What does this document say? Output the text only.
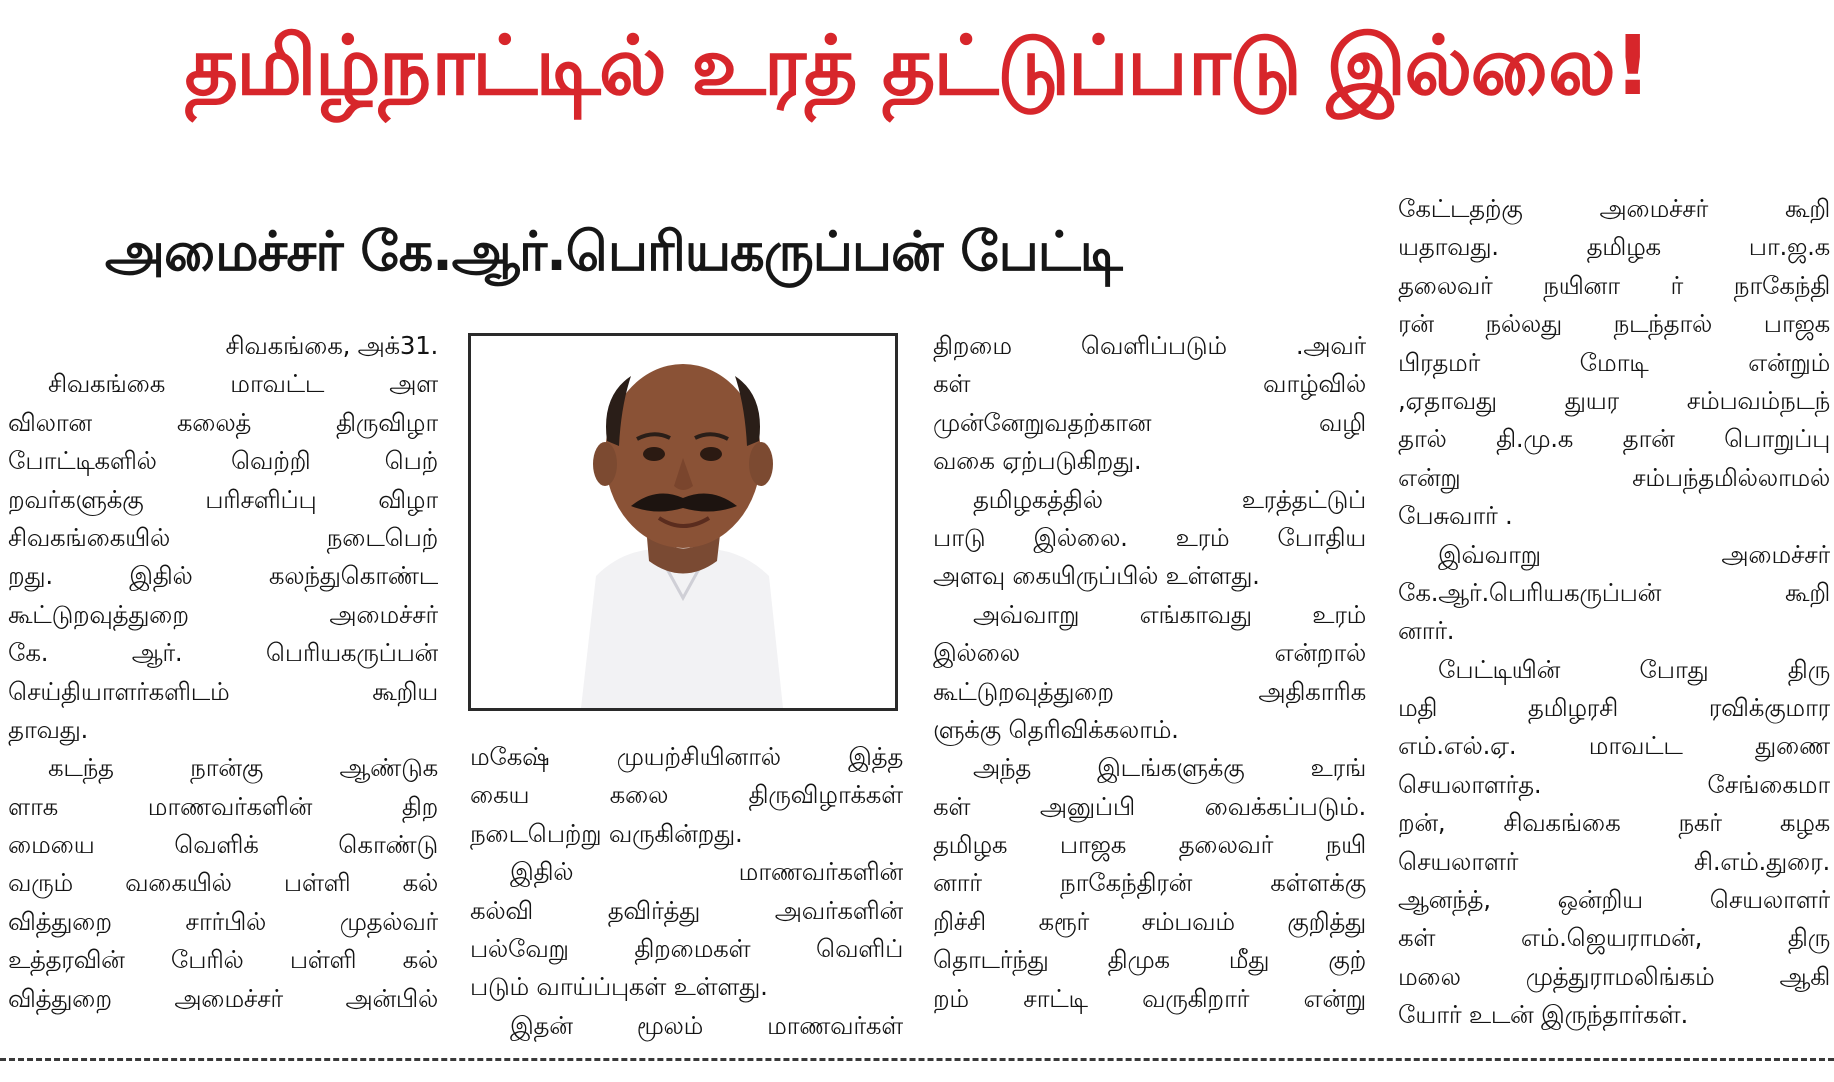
தமிழ்நாட்டில் உரத் தட்டுப்பாடு இல்லை!
அமைச்சர் கே.ஆர்.பெரியகருப்பன் பேட்டி

சிவகங்கை, அக்31.

சிவகங்கை மாவட்ட அள

விலான கலைத் திருவிழா

போட்டிகளில் வெற்றி பெற்

றவர்களுக்கு பரிசளிப்பு விழா

சிவகங்கையில் நடைபெற்

றது. இதில் கலந்துகொண்ட

கூட்டுறவுத்துறை அமைச்சர்

கே. ஆர். பெரியகருப்பன்

செய்தியாளர்களிடம் கூறிய

தாவது.

கடந்த நான்கு ஆண்டுக

ளாக மாணவர்களின் திற

மையை வெளிக் கொண்டு

வரும் வகையில் பள்ளி கல்

வித்துறை சார்பில் முதல்வர்

உத்தரவின் பேரில் பள்ளி கல்

வித்துறை அமைச்சர் அன்பில்

மகேஷ் முயற்சியினால் இத்த

கைய கலை திருவிழாக்கள்

நடைபெற்று வருகின்றது.

இதில் மாணவர்களின்

கல்வி தவிர்த்து அவர்களின்

பல்வேறு திறமைகள் வெளிப்

படும் வாய்ப்புகள் உள்ளது.

இதன் மூலம் மாணவர்கள்

திறமை வெளிப்படும் .அவர்

கள் வாழ்வில்

முன்னேறுவதற்கான வழி

வகை ஏற்படுகிறது.

தமிழகத்தில் உரத்தட்டுப்

பாடு இல்லை. உரம் போதிய

அளவு கையிருப்பில் உள்ளது.

அவ்வாறு எங்காவது உரம்

இல்லை என்றால்

கூட்டுறவுத்துறை அதிகாரிக

ளுக்கு தெரிவிக்கலாம்.

அந்த இடங்களுக்கு உரங்

கள் அனுப்பி வைக்கப்படும்.

தமிழக பாஜக தலைவர் நயி

னார் நாகேந்திரன் கள்ளக்கு

றிச்சி கரூர் சம்பவம் குறித்து

தொடர்ந்து திமுக மீது குற்

றம் சாட்டி வருகிறார் என்று

கேட்டதற்கு அமைச்சர் கூறி

யதாவது. தமிழக பா.ஜ.க

தலைவர் நயினா ர் நாகேந்தி

ரன் நல்லது நடந்தால் பாஜக

பிரதமர் மோடி என்றும்

,ஏதாவது துயர சம்பவம்நடந்

தால் தி.மு.க தான் பொறுப்பு

என்று சம்பந்தமில்லாமல்

பேசுவார் .

இவ்வாறு அமைச்சர்

கே.ஆர்.பெரியகருப்பன் கூறி

னார்.

பேட்டியின் போது திரு

மதி தமிழரசி ரவிக்குமார

எம்.எல்.ஏ. மாவட்ட துணை

செயலாளர்த. சேங்கைமா

றன், சிவகங்கை நகர் கழக

செயலாளர் சி.எம்.துரை.

ஆனந்த், ஒன்றிய செயலாளர்

கள் எம்.ஜெயராமன், திரு

மலை முத்துராமலிங்கம் ஆகி

யோர் உடன் இருந்தார்கள்.
